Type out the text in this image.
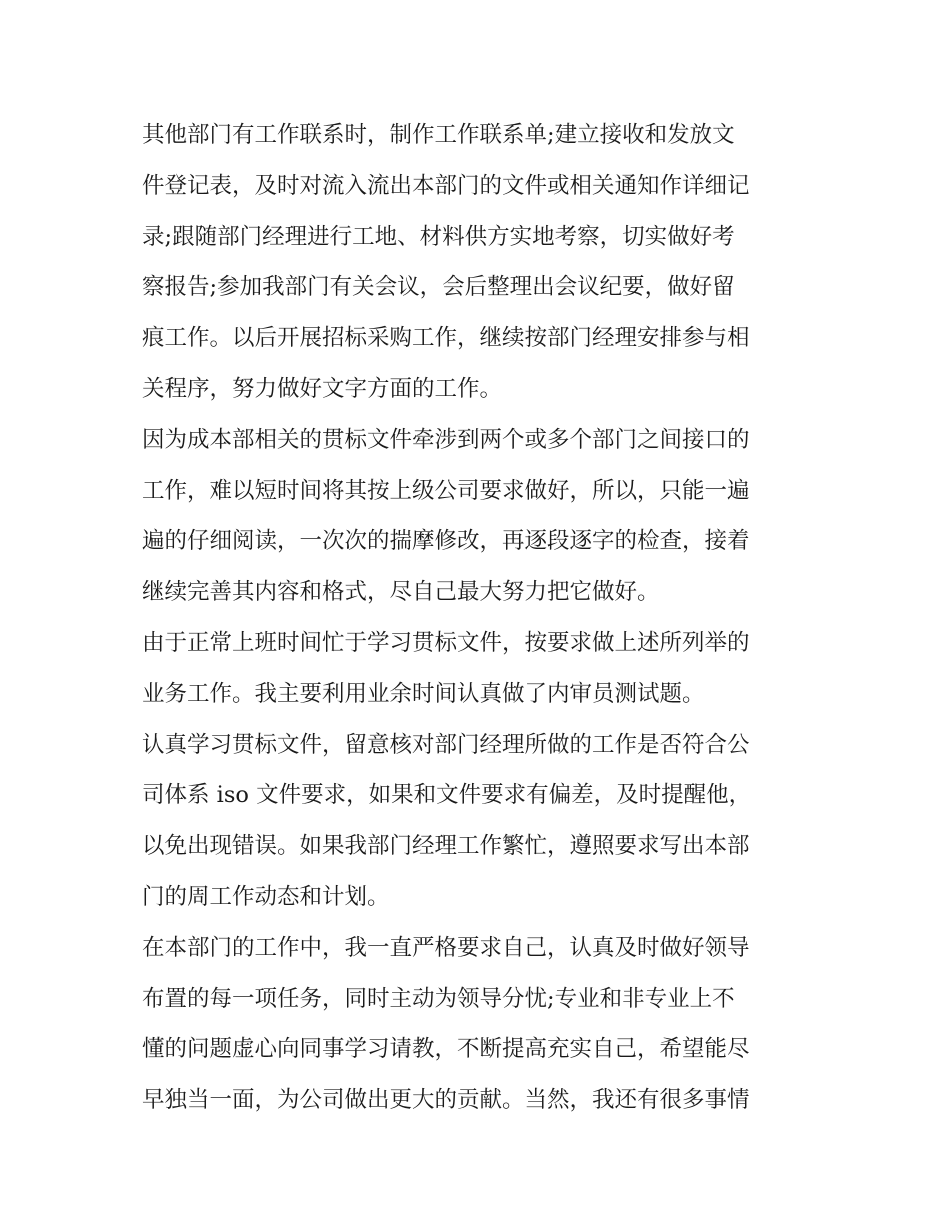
其他部门有工作联系时，制作工作联系单;建立接收和发放文
件登记表，及时对流入流出本部门的文件或相关通知作详细记
录;跟随部门经理进行工地、材料供方实地考察，切实做好考
察报告;参加我部门有关会议，会后整理出会议纪要，做好留
痕工作。以后开展招标采购工作，继续按部门经理安排参与相
关程序，努力做好文字方面的工作。
因为成本部相关的贯标文件牵涉到两个或多个部门之间接口的
工作，难以短时间将其按上级公司要求做好，所以，只能一遍
遍的仔细阅读，一次次的揣摩修改，再逐段逐字的检查，接着
继续完善其内容和格式，尽自己最大努力把它做好。
由于正常上班时间忙于学习贯标文件，按要求做上述所列举的
业务工作。我主要利用业余时间认真做了内审员测试题。
认真学习贯标文件，留意核对部门经理所做的工作是否符合公
司体系 iso 文件要求，如果和文件要求有偏差，及时提醒他，
以免出现错误。如果我部门经理工作繁忙，遵照要求写出本部
门的周工作动态和计划。
在本部门的工作中，我一直严格要求自己，认真及时做好领导
布置的每一项任务，同时主动为领导分忧;专业和非专业上不
懂的问题虚心向同事学习请教，不断提高充实自己，希望能尽
早独当一面，为公司做出更大的贡献。当然，我还有很多事情
